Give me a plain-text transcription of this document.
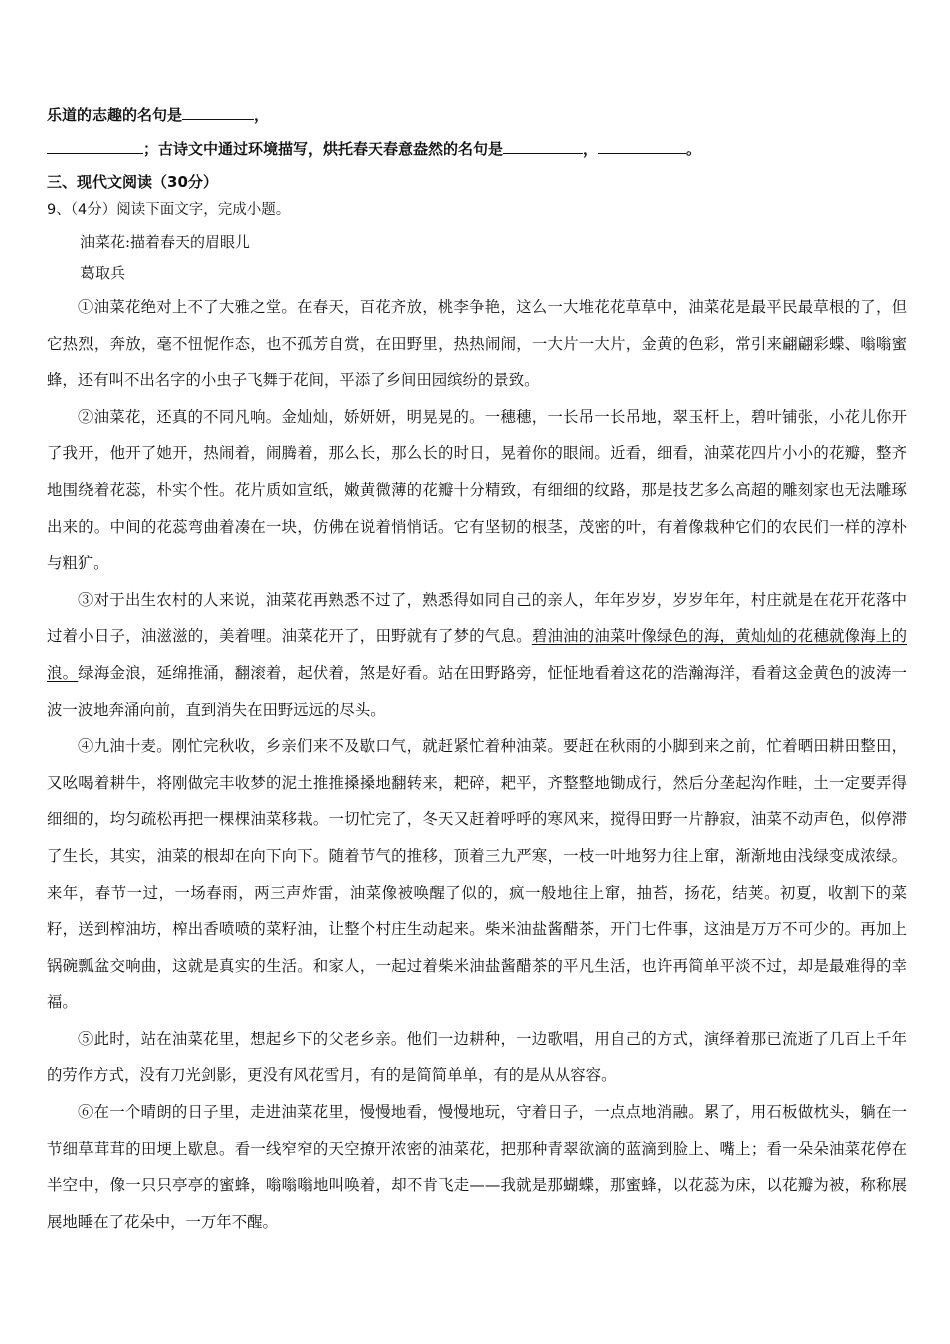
乐道的志趣的名句是	，
；古诗文中通过环境描写，烘托春天春意盎然的名句是	，	。
三、现代文阅读（30分）
9、（4分）阅读下面文字，完成小题。
油菜花:描着春天的眉眼儿
葛取兵

①油菜花绝对上不了大雅之堂。在春天，百花齐放，桃李争艳，这么一大堆花花草草中，油菜花是最平民最草根的了，但它热烈，奔放，毫不忸怩作态，也不孤芳自赏，在田野里，热热闹闹，一大片一大片，金黄的色彩，常引来翩翩彩蝶、嗡嗡蜜蜂，还有叫不出名字的小虫子飞舞于花间，平添了乡间田园缤纷的景致。

②油菜花，还真的不同凡响。金灿灿，娇妍妍，明晃晃的。一穗穗，一长吊一长吊地，翠玉杆上，碧叶铺张，小花儿你开了我开，他开了她开，热闹着，闹腾着，那么长，那么长的时日，晃着你的眼闹。近看，细看，油菜花四片小小的花瓣，整齐地围绕着花蕊，朴实个性。花片质如宣纸，嫩黄微薄的花瓣十分精致，有细细的纹路，那是技艺多么高超的雕刻家也无法雕琢出来的。中间的花蕊弯曲着凑在一块，仿佛在说着悄悄话。它有坚韧的根茎，茂密的叶，有着像栽种它们的农民们一样的淳朴与粗犷。

③对于出生农村的人来说，油菜花再熟悉不过了，熟悉得如同自己的亲人，年年岁岁，岁岁年年，村庄就是在花开花落中过着小日子，油滋滋的，美着哩。油菜花开了，田野就有了梦的气息。碧油油的油菜叶像绿色的海，黄灿灿的花穗就像海上的浪。绿海金浪，延绵推涌，翻滚着，起伏着，煞是好看。站在田野路旁，怔怔地看着这花的浩瀚海洋，看着这金黄色的波涛一波一波地奔涌向前，直到消失在田野远远的尽头。

④九油十麦。刚忙完秋收，乡亲们来不及歇口气，就赶紧忙着种油菜。要赶在秋雨的小脚到来之前，忙着晒田耕田整田，又吆喝着耕牛，将刚做完丰收梦的泥土推推搡搡地翻转来，耙碎，耙平，齐整整地锄成行，然后分垄起沟作畦，土一定要弄得细细的，均匀疏松再把一棵棵油菜移栽。一切忙完了，冬天又赶着呼呼的寒风来，搅得田野一片静寂，油菜不动声色，似停滞了生长，其实，油菜的根却在向下向下。随着节气的推移，顶着三九严寒，一枝一叶地努力往上窜，渐渐地由浅绿变成浓绿。来年，春节一过，一场春雨，两三声炸雷，油菜像被唤醒了似的，疯一般地往上窜，抽苔，扬花，结荚。初夏，收割下的菜籽，送到榨油坊，榨出香喷喷的菜籽油，让整个村庄生动起来。柴米油盐酱醋茶，开门七件事，这油是万万不可少的。再加上锅碗瓢盆交响曲，这就是真实的生活。和家人，一起过着柴米油盐酱醋茶的平凡生活，也许再简单平淡不过，却是最难得的幸福。

⑤此时，站在油菜花里，想起乡下的父老乡亲。他们一边耕种，一边歌唱，用自己的方式，演绎着那已流逝了几百上千年的劳作方式，没有刀光剑影，更没有风花雪月，有的是简简单单，有的是从从容容。

⑥在一个晴朗的日子里，走进油菜花里，慢慢地看，慢慢地玩，守着日子，一点点地消融。累了，用石板做枕头，躺在一节细草茸茸的田埂上歇息。看一线窄窄的天空撩开浓密的油菜花，把那种青翠欲滴的蓝滴到脸上、嘴上；看一朵朵油菜花停在半空中，像一只只亭亭的蜜蜂，嗡嗡嗡地叫唤着，却不肯飞走——我就是那蝴蝶，那蜜蜂，以花蕊为床，以花瓣为被，称称展展地睡在了花朵中，一万年不醒。
